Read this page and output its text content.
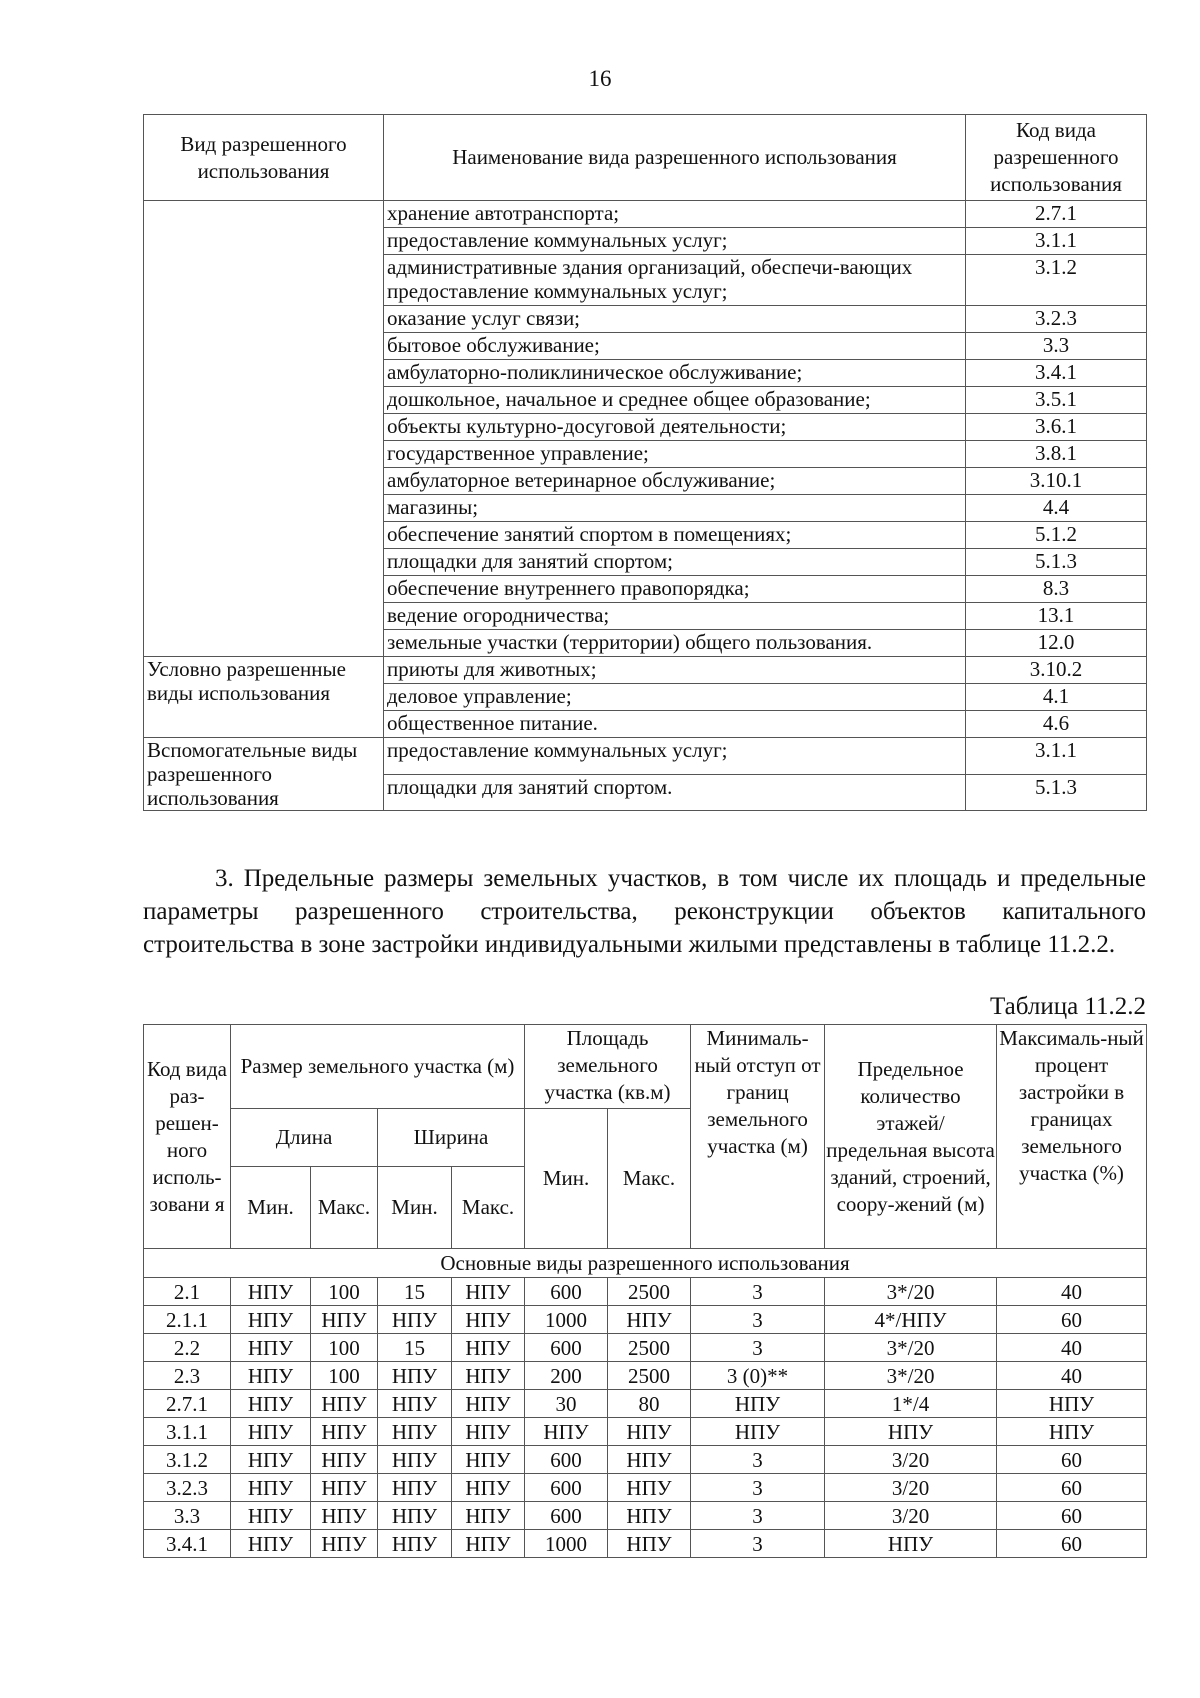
16
Вид разрешенного использования	Наименование вида разрешенного использования	Код вида разрешенного использования
	хранение автотранспорта;	2.7.1
	предоставление коммунальных услуг;	3.1.1
	административные здания организаций, обеспечи-вающих предоставление коммунальных услуг;	3.1.2
	оказание услуг связи;	3.2.3
	бытовое обслуживание;	3.3
	амбулаторно-поликлиническое обслуживание;	3.4.1
	дошкольное, начальное и среднее общее образование;	3.5.1
	объекты культурно-досуговой деятельности;	3.6.1
	государственное управление;	3.8.1
	амбулаторное ветеринарное обслуживание;	3.10.1
	магазины;	4.4
	обеспечение занятий спортом в помещениях;	5.1.2
	площадки для занятий спортом;	5.1.3
	обеспечение внутреннего правопорядка;	8.3
	ведение огородничества;	13.1
	земельные участки (территории) общего пользования.	12.0
Условно разрешенные виды использования	приюты для животных;	3.10.2
	деловое управление;	4.1
	общественное питание.	4.6
Вспомогательные виды разрешенного использования	предоставление коммунальных услуг;	3.1.1
	площадки для занятий спортом.	5.1.3

3. Предельные размеры земельных участков, в том числе их площадь и предельные параметры разрешенного строительства, реконструкции объектов капитального строительства в зоне застройки индивидуальными жилыми представлены в таблице 11.2.2.

Таблица 11.2.2

Код вида раз-решен-ного исполь-зовани я	Размер земельного участка (м)				Площадь земельного участка (кв.м)		Минималь-ный отступ от границ земельного участка (м)	Предельное количество этажей/ предельная высота зданий, строений, соору-жений (м)	Максималь-ный процент застройки в границах земельного участка (%)
	Длина		Ширина		Мин.	Макс.			
	Мин.	Макс.	Мин.	Макс.					
Основные виды разрешенного использования									
2.1	НПУ	100	15	НПУ	600	2500	3	3*/20	40
2.1.1	НПУ	НПУ	НПУ	НПУ	1000	НПУ	3	4*/НПУ	60
2.2	НПУ	100	15	НПУ	600	2500	3	3*/20	40
2.3	НПУ	100	НПУ	НПУ	200	2500	3 (0)**	3*/20	40
2.7.1	НПУ	НПУ	НПУ	НПУ	30	80	НПУ	1*/4	НПУ
3.1.1	НПУ	НПУ	НПУ	НПУ	НПУ	НПУ	НПУ	НПУ	НПУ
3.1.2	НПУ	НПУ	НПУ	НПУ	600	НПУ	3	3/20	60
3.2.3	НПУ	НПУ	НПУ	НПУ	600	НПУ	3	3/20	60
3.3	НПУ	НПУ	НПУ	НПУ	600	НПУ	3	3/20	60
3.4.1	НПУ	НПУ	НПУ	НПУ	1000	НПУ	3	НПУ	60
